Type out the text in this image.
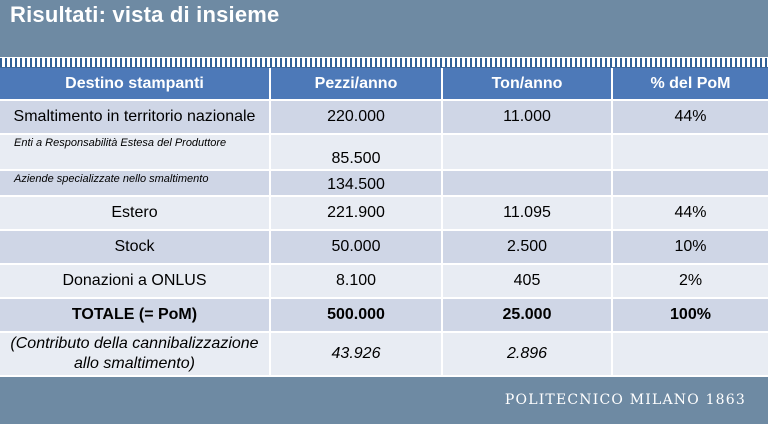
Risultati: vista di insieme
Destino stampanti	Pezzi/anno	Ton/anno	% del PoM
Smaltimento in territorio nazionale	220.000	11.000	44%
Enti a Responsabilità Estesa del Produttore	85.500		
Aziende specializzate nello smaltimento	134.500		
Estero	221.900	11.095	44%
Stock	50.000	2.500	10%
Donazioni a ONLUS	8.100	405	2%
TOTALE (= PoM)	500.000	25.000	100%
(Contributo della cannibalizzazione allo smaltimento)	43.926	2.896	
POLITECNICO MILANO 1863
